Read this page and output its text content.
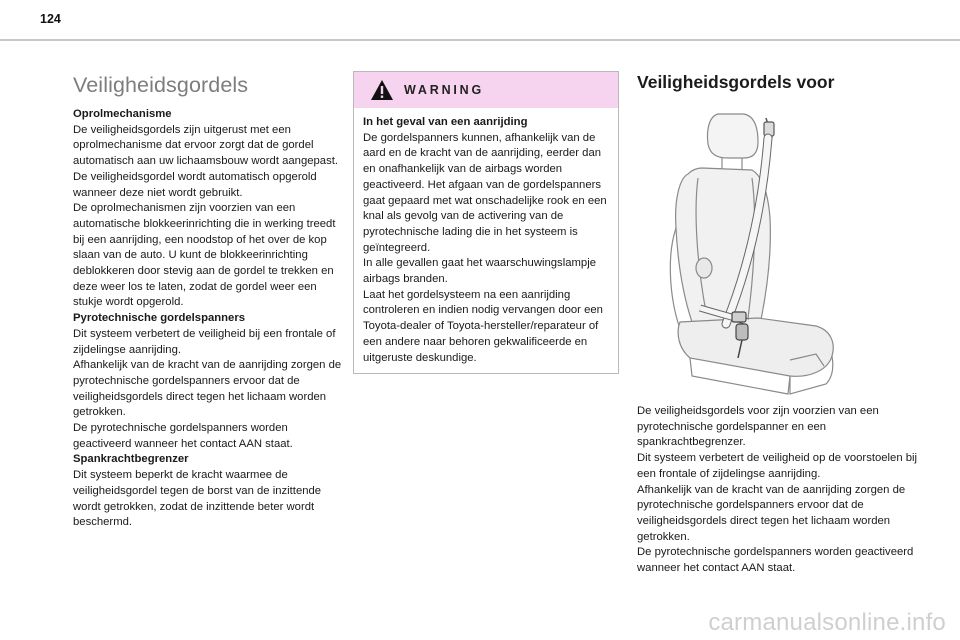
124
Veiligheidsgordels

Oprolmechanisme

De veiligheidsgordels zijn uitgerust met een oprolmechanisme dat ervoor zorgt dat de gordel automatisch aan uw lichaamsbouw wordt aangepast. De veiligheidsgordel wordt automatisch opgerold wanneer deze niet wordt gebruikt.

De oprolmechanismen zijn voorzien van een automatische blokkeerinrichting die in werking treedt bij een aanrijding, een noodstop of het over de kop slaan van de auto. U kunt de blokkeerinrichting deblokkeren door stevig aan de gordel te trekken en deze weer los te laten, zodat de gordel weer een stukje wordt opgerold.

Pyrotechnische gordelspanners

Dit systeem verbetert de veiligheid bij een frontale of zijdelingse aanrijding.

Afhankelijk van de kracht van de aanrijding zorgen de pyrotechnische gordelspanners ervoor dat de veiligheidsgordels direct tegen het lichaam worden getrokken.

De pyrotechnische gordelspanners worden geactiveerd wanneer het contact AAN staat.

Spankrachtbegrenzer

Dit systeem beperkt de kracht waarmee de veiligheidsgordel tegen de borst van de inzittende wordt getrokken, zodat de inzittende beter wordt beschermd.

WARNING

In het geval van een aanrijding

De gordelspanners kunnen, afhankelijk van de aard en de kracht van de aanrijding, eerder dan en onafhankelijk van de airbags worden geactiveerd. Het afgaan van de gordelspanners gaat gepaard met wat onschadelijke rook en een knal als gevolg van de activering van de pyrotechnische lading die in het systeem is geïntegreerd.

In alle gevallen gaat het waarschuwingslampje airbags branden.

Laat het gordelsysteem na een aanrijding controleren en indien nodig vervangen door een Toyota-dealer of Toyota-hersteller/reparateur of een andere naar behoren gekwalificeerde en uitgeruste deskundige.

Veiligheidsgordels voor

De veiligheidsgordels voor zijn voorzien van een pyrotechnische gordelspanner en een spankrachtbegrenzer.

Dit systeem verbetert de veiligheid op de voorstoelen bij een frontale of zijdelingse aanrijding.

Afhankelijk van de kracht van de aanrijding zorgen de pyrotechnische gordelspanners ervoor dat de veiligheidsgordels direct tegen het lichaam worden getrokken.

De pyrotechnische gordelspanners worden geactiveerd wanneer het contact AAN staat.

carmanualsonline.info
